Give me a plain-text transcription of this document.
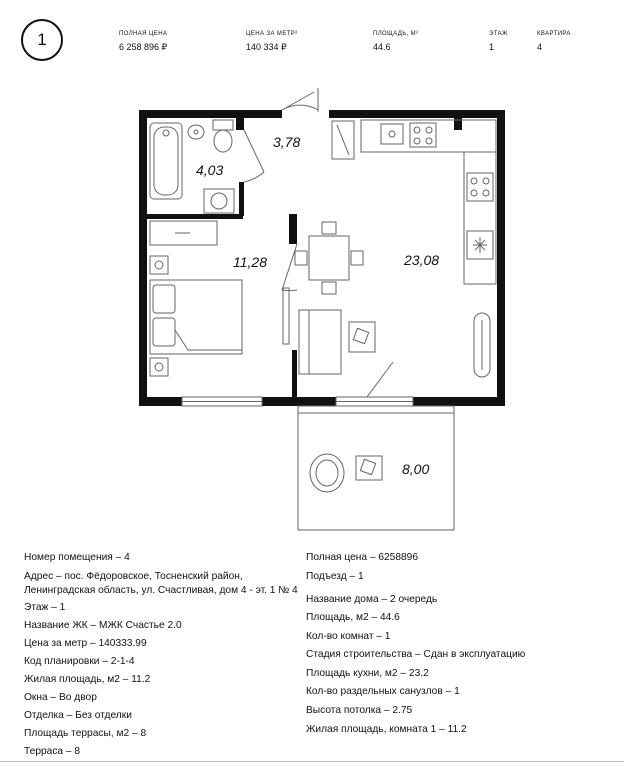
1	ПОЛНАЯ ЦЕНА
6 258 896 ₽
ЦЕНА ЗА МЕТР²
140 334 ₽
ПЛОЩАДЬ, М²
44.6
ЭТАЖ
1
КВАРТИРА
4
4,03
3,78
11,28	23,08
8,00
Номер помещения – 4
Адрес – пос. Фёдоровское, Тосненский район,
Ленинградская область, ул. Счастливая, дом 4 - эт. 1 № 4
Этаж – 1
Название ЖК – МЖК Счастье 2.0
Цена за метр – 140333.99
Код планировки – 2-1-4
Жилая площадь, м2 – 11.2
Окна – Во двор
Отделка – Без отделки
Площадь террасы, м2 – 8
Терраса – 8
Полная цена – 6258896
Подъезд – 1
Название дома – 2 очередь
Площадь, м2 – 44.6
Кол-во комнат – 1
Стадия строительства – Сдан в эксплуатацию
Площадь кухни, м2 – 23.2
Кол-во раздельных санузлов – 1
Высота потолка – 2.75
Жилая площадь, комната 1 – 11.2
